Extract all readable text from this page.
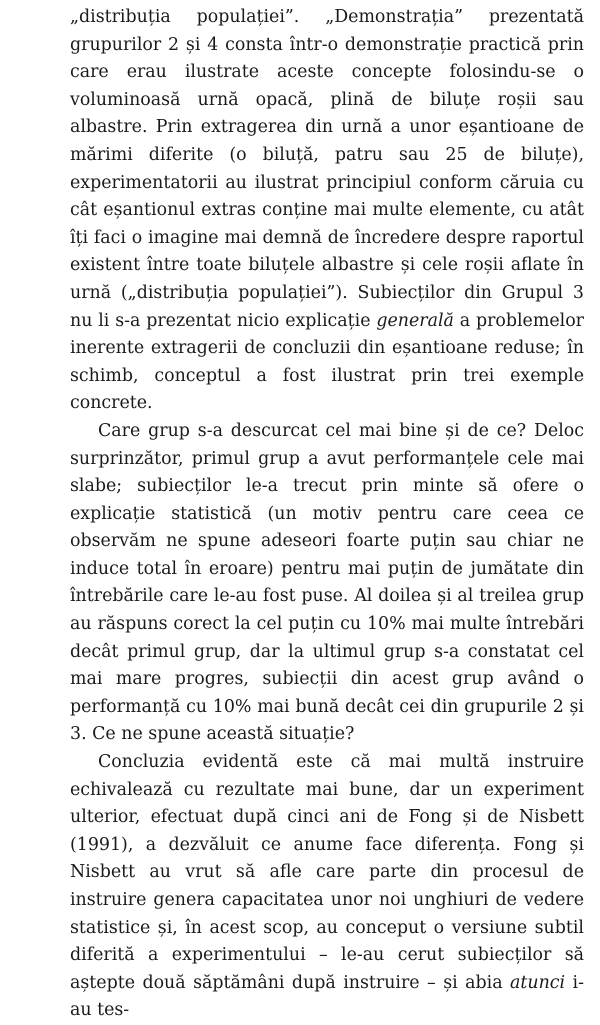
„distribuția populației”. „Demonstrația” prezentată grupurilor 2 și 4 consta într-o demonstrație practică prin care erau ilustrate aceste concepte folosindu-se o voluminoasă urnă opacă, plină de biluțe roșii sau albastre. Prin extragerea din urnă a unor eșantioane de mărimi diferite (o biluță, patru sau 25 de biluțe), experimentatorii au ilustrat principiul conform căruia cu cât eșantionul extras conține mai multe elemente, cu atât îți faci o imagine mai demnă de încredere despre raportul existent între toate biluțele albastre și cele roșii aflate în urnă („distribuția populației”). Subiecților din Grupul 3 nu li s-a prezentat nicio explicație generală a problemelor inerente extragerii de concluzii din eșantioane reduse; în schimb, conceptul a fost ilustrat prin trei exemple concrete.

Care grup s-a descurcat cel mai bine și de ce? Deloc surprinzător, primul grup a avut performanțele cele mai slabe; subiecților le-a trecut prin minte să ofere o explicație statistică (un motiv pentru care ceea ce observăm ne spune adeseori foarte puțin sau chiar ne induce total în eroare) pentru mai puțin de jumătate din întrebările care le-au fost puse. Al doilea și al treilea grup au răspuns corect la cel puțin cu 10% mai multe întrebări decât primul grup, dar la ultimul grup s-a constatat cel mai mare progres, subiecții din acest grup având o performanță cu 10% mai bună decât cei din grupurile 2 și 3. Ce ne spune această situație?

Concluzia evidentă este că mai multă instruire echivalează cu rezultate mai bune, dar un experiment ulterior, efectuat după cinci ani de Fong și de Nisbett (1991), a dezvăluit ce anume face diferența. Fong și Nisbett au vrut să afle care parte din procesul de instruire genera capacitatea unor noi unghiuri de vedere statistice și, în acest scop, au conceput o versiune subtil diferită a experimentului – le-au cerut subiecților să aștepte două săptămâni după instruire – și abia atunci i-au tes-
